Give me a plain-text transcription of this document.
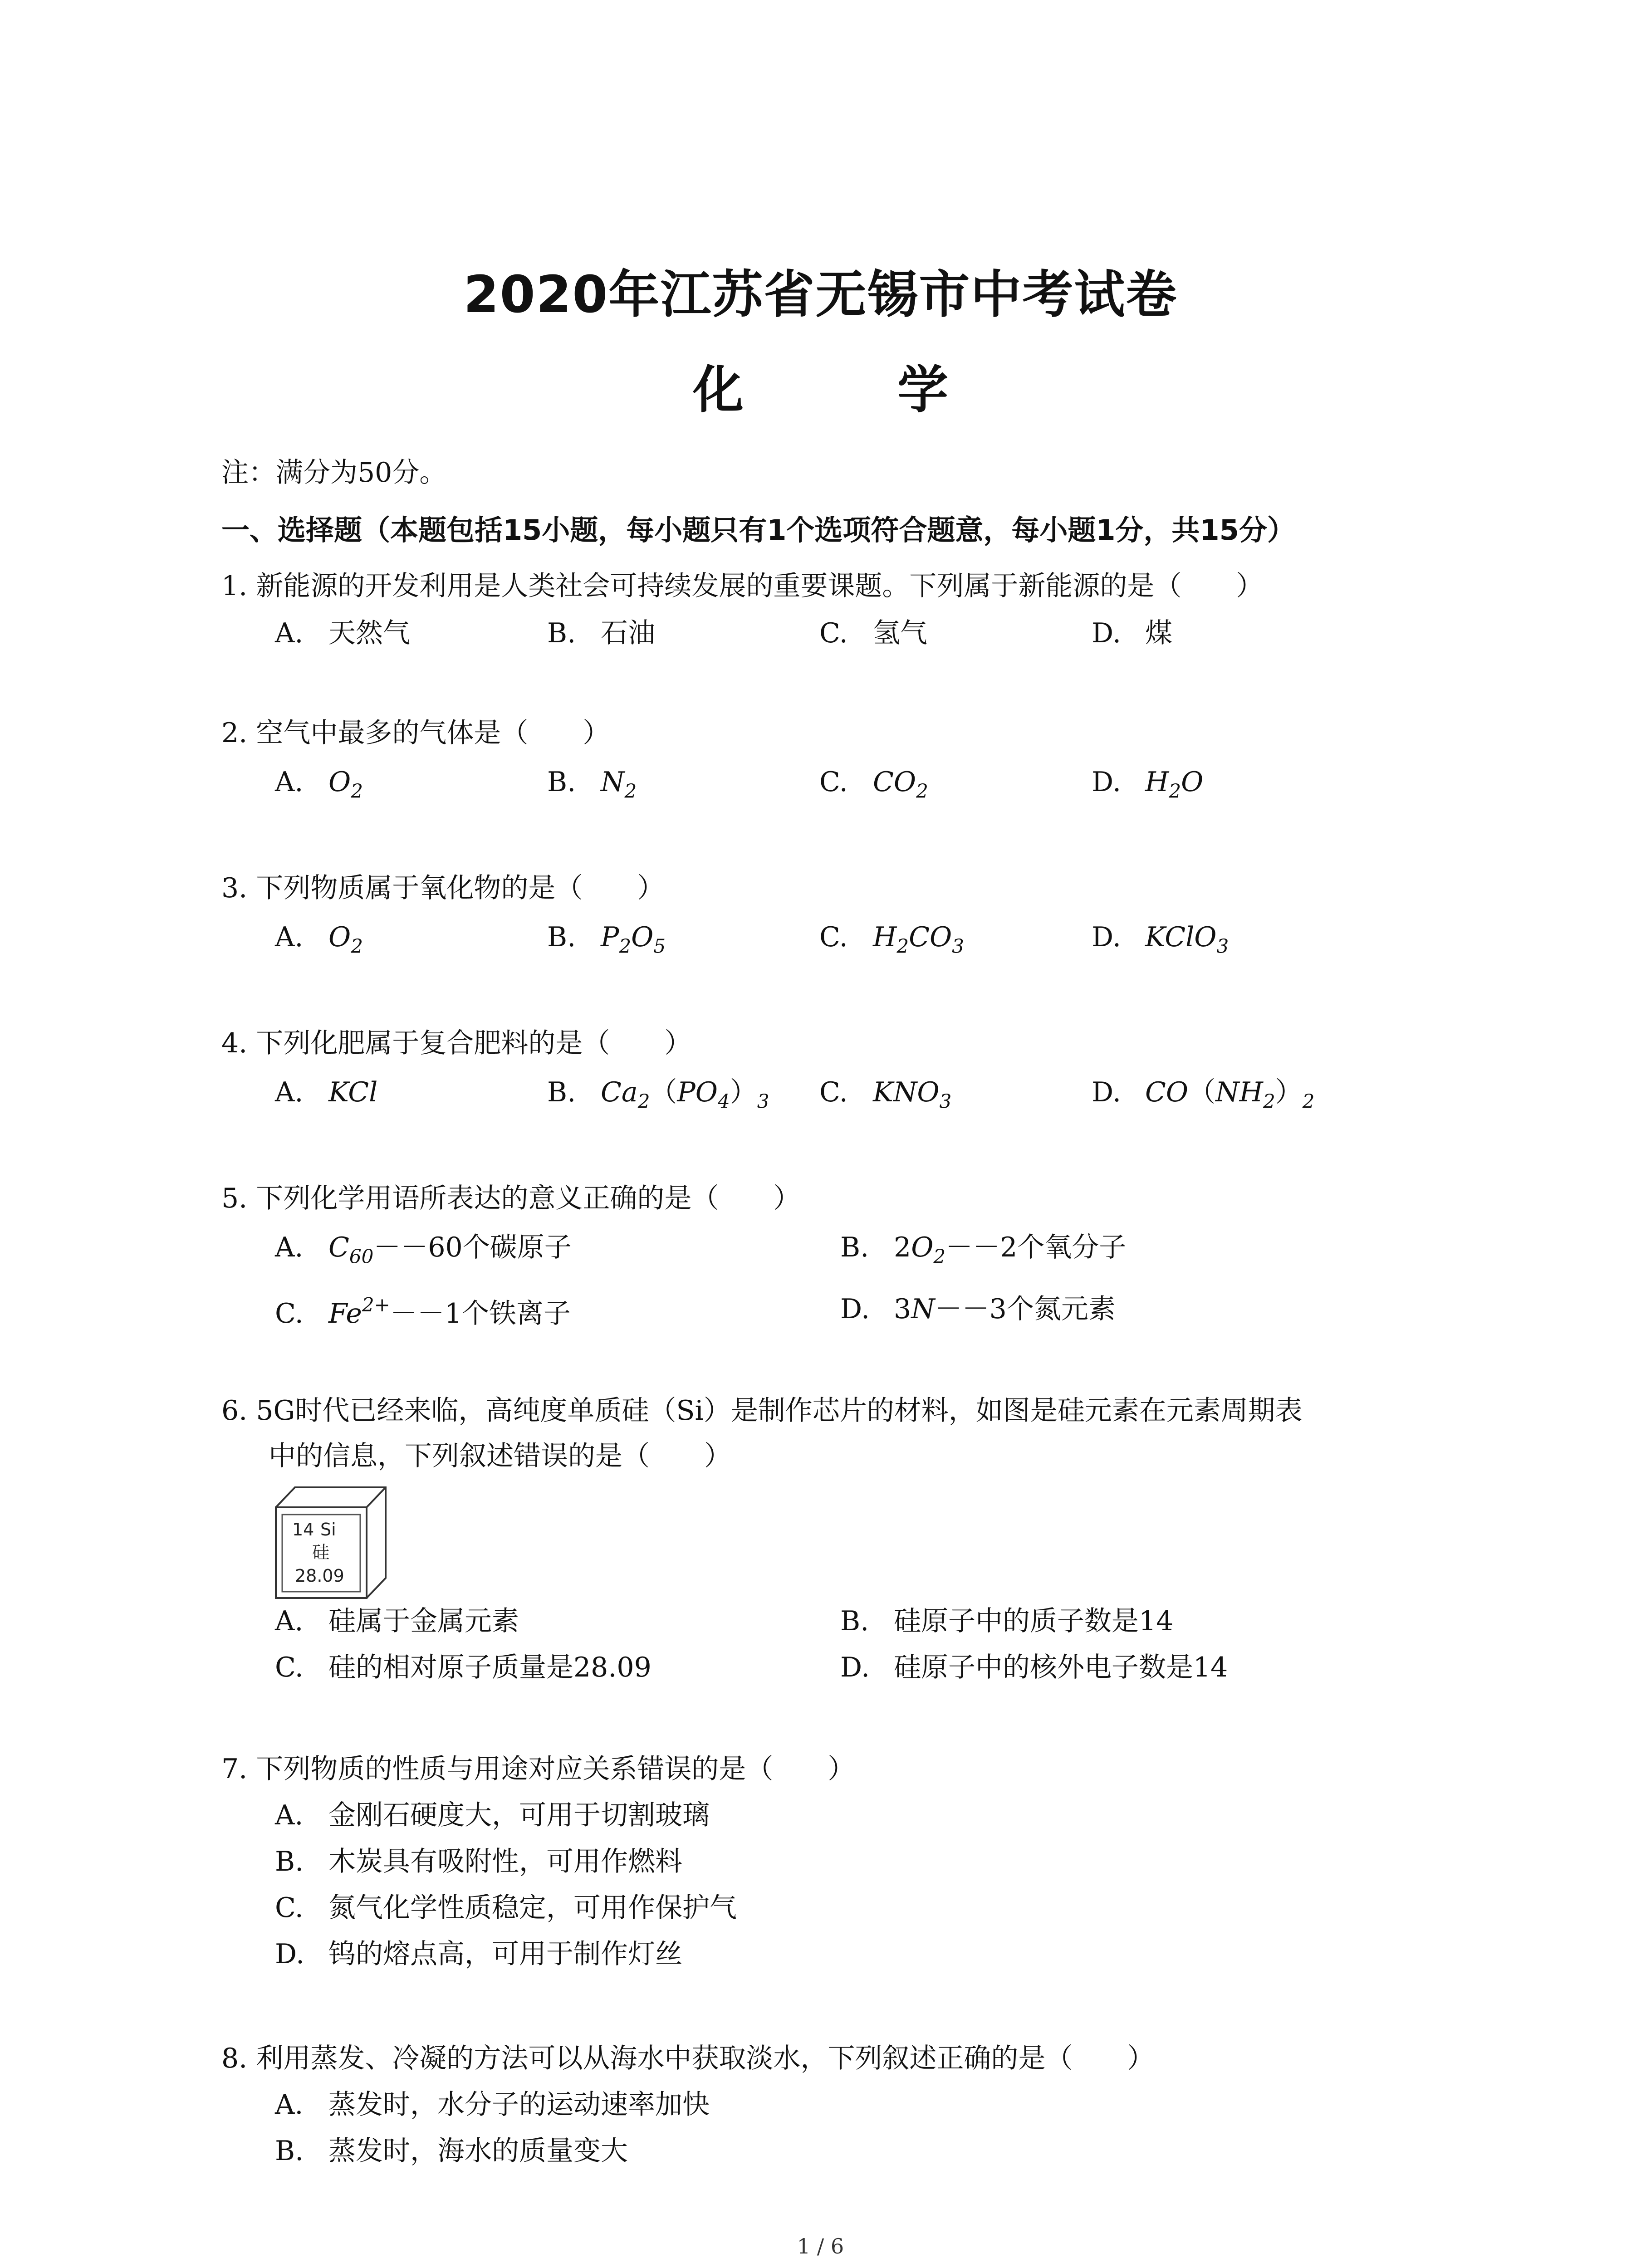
2020年江苏省无锡市中考试卷
化 学
注：满分为50分。
一、选择题（本题包括15小题，每小题只有1个选项符合题意，每小题1分，共15分）
1. 新能源的开发利用是人类社会可持续发展的重要课题。下列属于新能源的是（　　）
A. 天然气	B. 石油	C. 氢气	D. 煤
2. 空气中最多的气体是（　　）
A. $O_2$	B. $N_2$	C. $CO_2$	D. $H_2O$
3. 下列物质属于氧化物的是（　　）
A. $O_2$	B. $P_2O_5$	C. $H_2CO_3$	D. KClO$_3$
4. 下列化肥属于复合肥料的是（　　）
A. KCl	B. $Ca_2(PO_4)_3$ C. $KNO_3$	D. $CO(NH_2)_2$
5. 下列化学用语所表达的意义正确的是（　　）
A. $C_{60}--60$个碳原子	B. $2O_2--2$个氧分子
C. $Fe^{2+}--1$个铁离子	D. 3N－－3个氮元素
6. 5G时代已经来临，高纯度单质硅（Si）是制作芯片的材料，如图是硅元素在元素周期表
中的信息，下列叙述错误的是（　　）
14 Si
硅
28.09
A. 硅属于金属元素	B. 硅原子中的质子数是14
C. 硅的相对原子质量是28.09	D. 硅原子中的核外电子数是14
7. 下列物质的性质与用途对应关系错误的是（　　）
A. 金刚石硬度大，可用于切割玻璃
B. 木炭具有吸附性，可用作燃料
C. 氮气化学性质稳定，可用作保护气
D. 钨的熔点高，可用于制作灯丝
8. 利用蒸发、冷凝的方法可以从海水中获取淡水，下列叙述正确的是（　　）
A. 蒸发时，水分子的运动速率加快
B. 蒸发时，海水的质量变大
1 / 6
